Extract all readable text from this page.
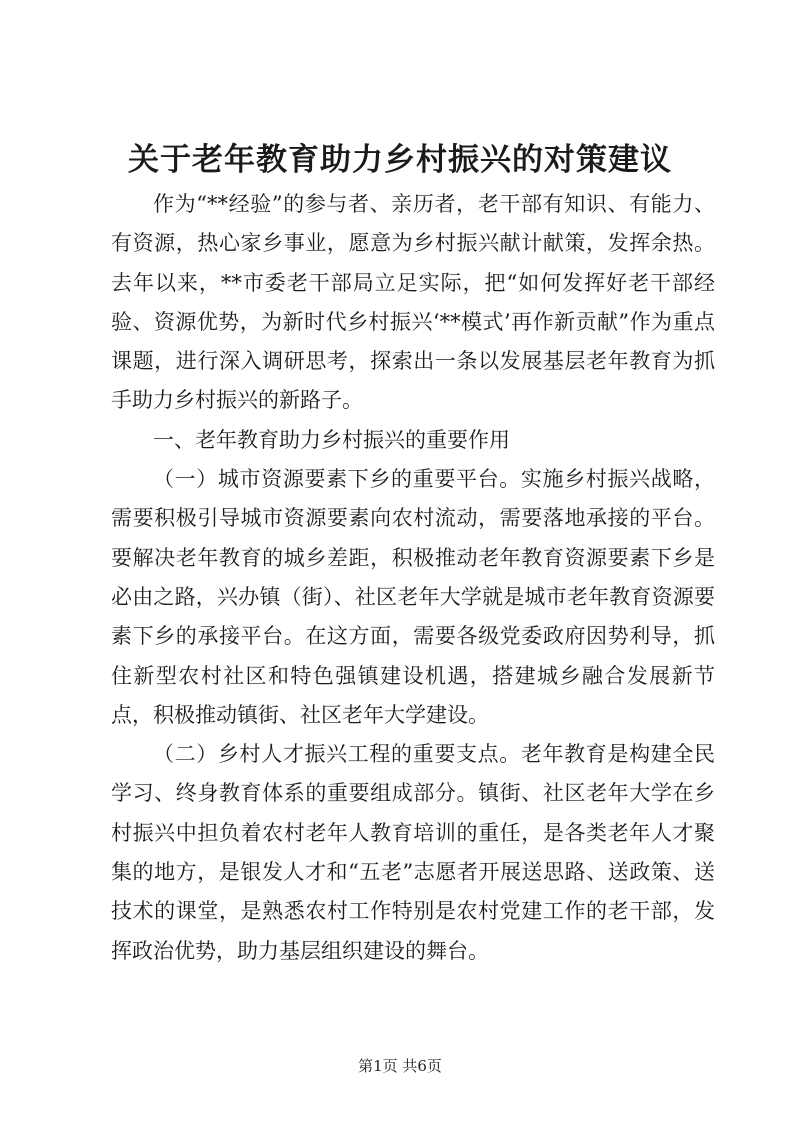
关于老年教育助力乡村振兴的对策建议

作为“**经验”的参与者、亲历者，老干部有知识、有能力、有资源，热心家乡事业，愿意为乡村振兴献计献策，发挥余热。去年以来，**市委老干部局立足实际，把“如何发挥好老干部经验、资源优势，为新时代乡村振兴‘**模式’再作新贡献”作为重点课题，进行深入调研思考，探索出一条以发展基层老年教育为抓手助力乡村振兴的新路子。

一、老年教育助力乡村振兴的重要作用

（一）城市资源要素下乡的重要平台。实施乡村振兴战略，需要积极引导城市资源要素向农村流动，需要落地承接的平台。要解决老年教育的城乡差距，积极推动老年教育资源要素下乡是必由之路，兴办镇（街）、社区老年大学就是城市老年教育资源要素下乡的承接平台。在这方面，需要各级党委政府因势利导，抓住新型农村社区和特色强镇建设机遇，搭建城乡融合发展新节点，积极推动镇街、社区老年大学建设。

（二）乡村人才振兴工程的重要支点。老年教育是构建全民学习、终身教育体系的重要组成部分。镇街、社区老年大学在乡村振兴中担负着农村老年人教育培训的重任，是各类老年人才聚集的地方，是银发人才和“五老”志愿者开展送思路、送政策、送技术的课堂，是熟悉农村工作特别是农村党建工作的老干部，发挥政治优势，助力基层组织建设的舞台。

第1页 共6页
